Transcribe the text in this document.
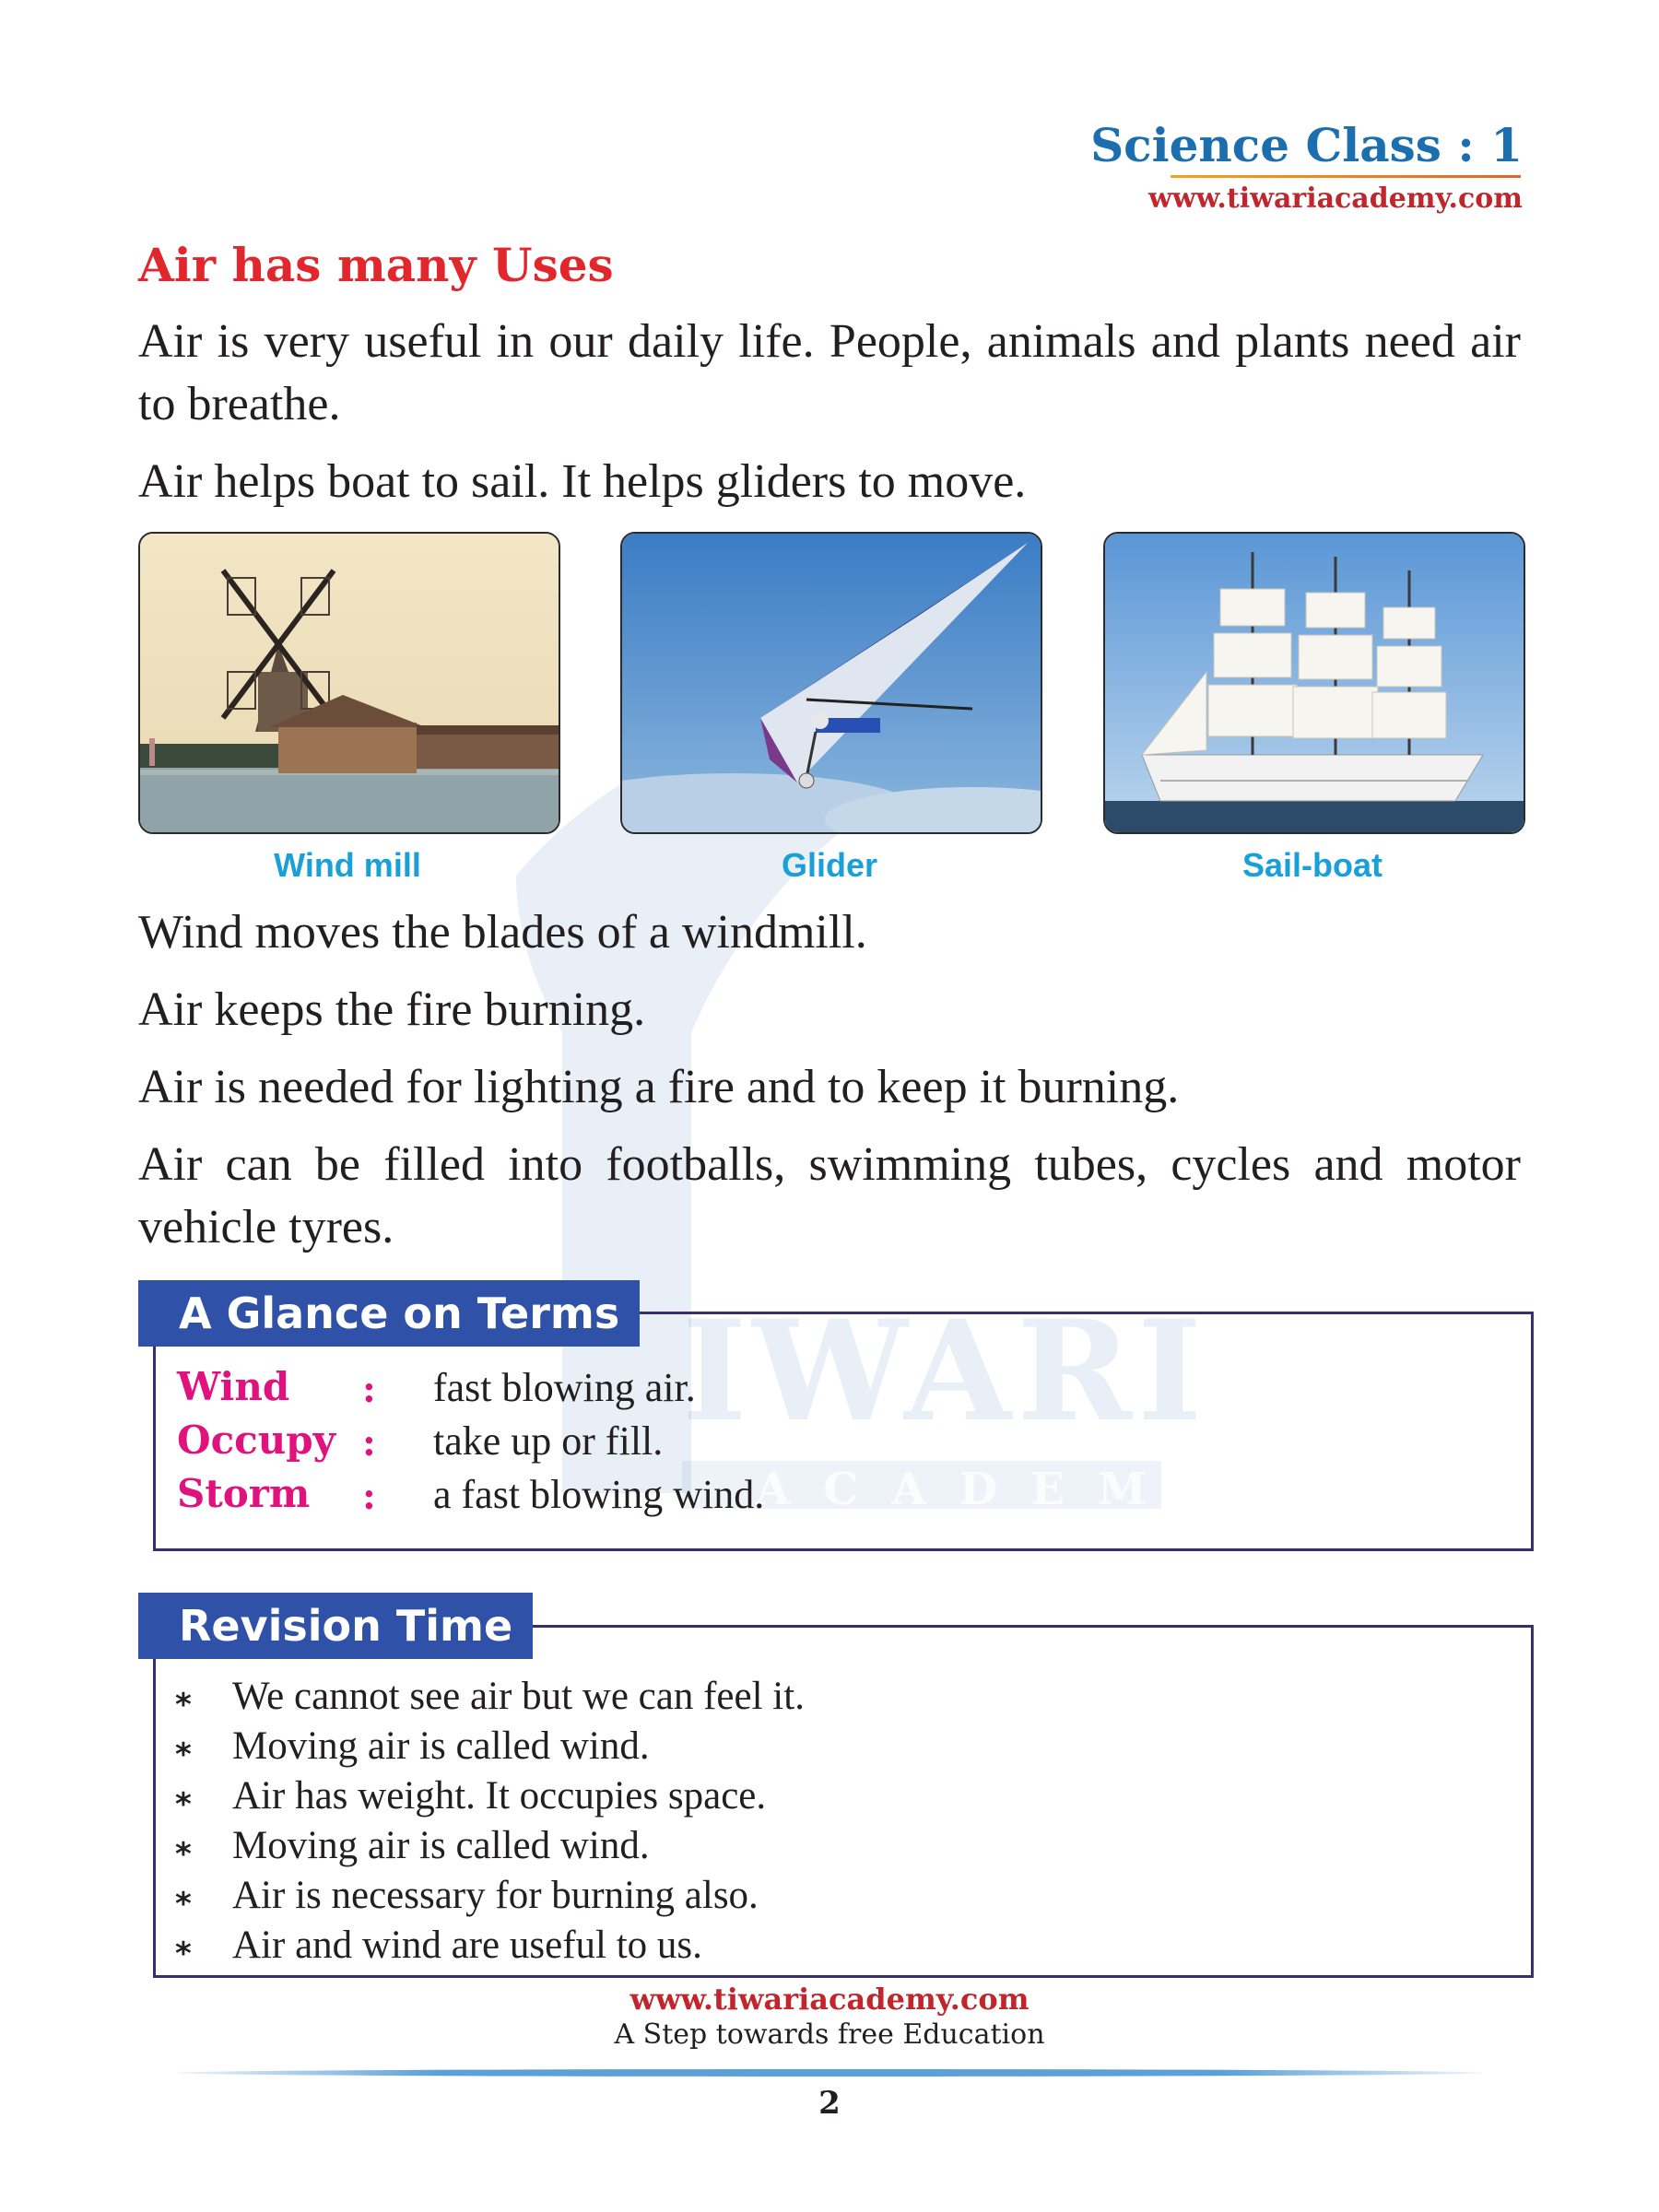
IWARI
ACADEMY
Science Class : 1
www.tiwariacademy.com
Air has many Uses
Air is very useful in our daily life. People, animals and plants need air to breathe.
Air helps boat to sail. It helps gliders to move.
Wind mill	Glider	Sail-boat
Wind moves the blades of a windmill.
Air keeps the fire burning.
Air is needed for lighting a fire and to keep it burning.
Air can be filled into footballs, swimming tubes, cycles and motor vehicle tyres.
A Glance on Terms
Wind : fast blowing air.
Occupy : take up or fill.
Storm : a fast blowing wind.
Revision Time
* We cannot see air but we can feel it.
* Moving air is called wind.
* Air has weight. It occupies space.
* Moving air is called wind.
* Air is necessary for burning also.
* Air and wind are useful to us.
www.tiwariacademy.com
A Step towards free Education
2
